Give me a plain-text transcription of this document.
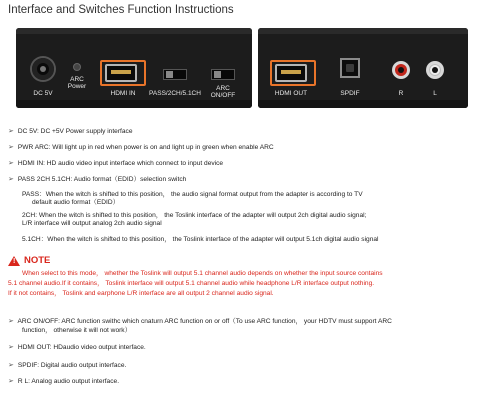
Interface and Switches Function Instructions
DC 5V
ARC
Power
HDMI IN	PASS/2CH/5.1CH
ARC
ON/OFF	HDMI OUT	SPDIF	R	L
➢ DC 5V: DC +5V Power supply interface
➢ PWR ARC: Will light up in red when power is on and light up in green when enable ARC
➢ HDMI IN: HD audio video input interface which connect to input device
➢ PASS 2CH 5.1CH: Audio format（EDID）selection switch
PASS：When the witch is shifted to this position， the audio signal format output from the adapter is according to TV
default audio format（EDID）
2CH: When the witch is shifted to this position， the Toslink interface of the adapter will output 2ch digital audio signal;
L/R interface will output analog 2ch audio signal
5.1CH：When the witch is shifted to this position， the Toslink interface of the adapter will output 5.1ch digital audio signal
! NOTE
When select to this mode， whether the Toslink will output 5.1 channel audio depends on whether the input source contains
5.1 channel audio.If it contains， Toslink interface will output 5.1 channel audio while headphone L/R interface output nothing.
If it not contains， Toslink and earphone L/R interface are all output 2 channel audio signal.
➢ ARC ON/OFF: ARC function swithc which cnaturn ARC function on or off（To use ARC function， your HDTV must support ARC
function， otherwise it will not work）
➢ HDMI OUT: HDaudio video output interface.
➢ SPDIF: Digital audio output interface.
➢ R L: Analog audio output interface.
